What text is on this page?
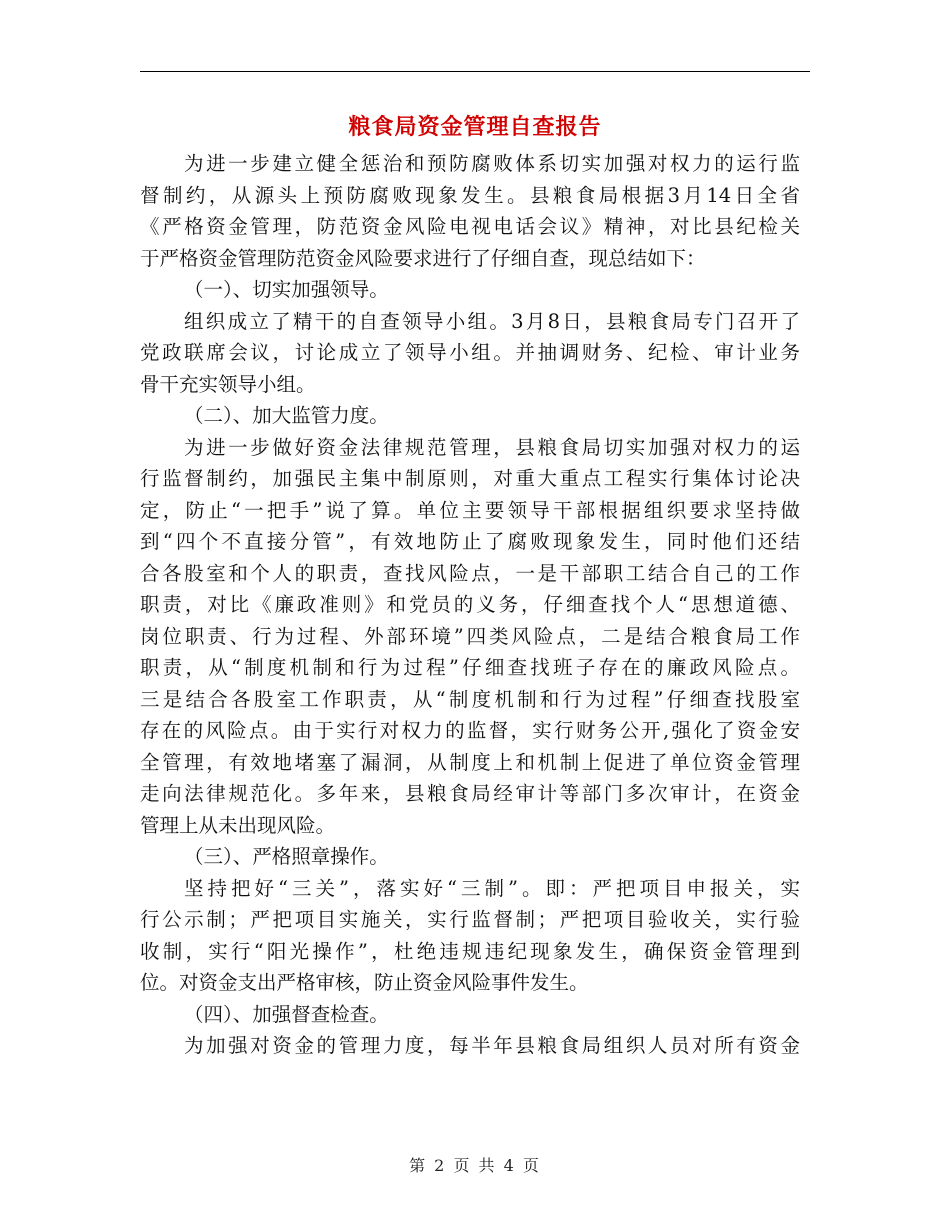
粮食局资金管理自查报告
为进一步建立健全惩治和预防腐败体系切实加强对权力的运行监
督制约，从源头上预防腐败现象发生。县粮食局根据3月14日全省
《严格资金管理，防范资金风险电视电话会议》精神，对比县纪检关
于严格资金管理防范资金风险要求进行了仔细自查，现总结如下：
（一）、切实加强领导。
组织成立了精干的自查领导小组。3月8日，县粮食局专门召开了
党政联席会议，讨论成立了领导小组。并抽调财务、纪检、审计业务
骨干充实领导小组。
（二）、加大监管力度。
为进一步做好资金法律规范管理，县粮食局切实加强对权力的运
行监督制约，加强民主集中制原则，对重大重点工程实行集体讨论决
定，防止“一把手”说了算。单位主要领导干部根据组织要求坚持做
到“四个不直接分管”，有效地防止了腐败现象发生，同时他们还结
合各股室和个人的职责，查找风险点，一是干部职工结合自己的工作
职责，对比《廉政准则》和党员的义务，仔细查找个人“思想道德、
岗位职责、行为过程、外部环境”四类风险点，二是结合粮食局工作
职责，从“制度机制和行为过程”仔细查找班子存在的廉政风险点。
三是结合各股室工作职责，从“制度机制和行为过程”仔细查找股室
存在的风险点。由于实行对权力的监督，实行财务公开,强化了资金安
全管理，有效地堵塞了漏洞，从制度上和机制上促进了单位资金管理
走向法律规范化。多年来，县粮食局经审计等部门多次审计，在资金
管理上从未出现风险。
（三）、严格照章操作。
坚持把好“三关”，落实好“三制”。即：严把项目申报关，实
行公示制；严把项目实施关，实行监督制；严把项目验收关，实行验
收制，实行“阳光操作”，杜绝违规违纪现象发生，确保资金管理到
位。对资金支出严格审核，防止资金风险事件发生。
（四）、加强督查检查。
为加强对资金的管理力度，每半年县粮食局组织人员对所有资金
第 2 页 共 4 页
